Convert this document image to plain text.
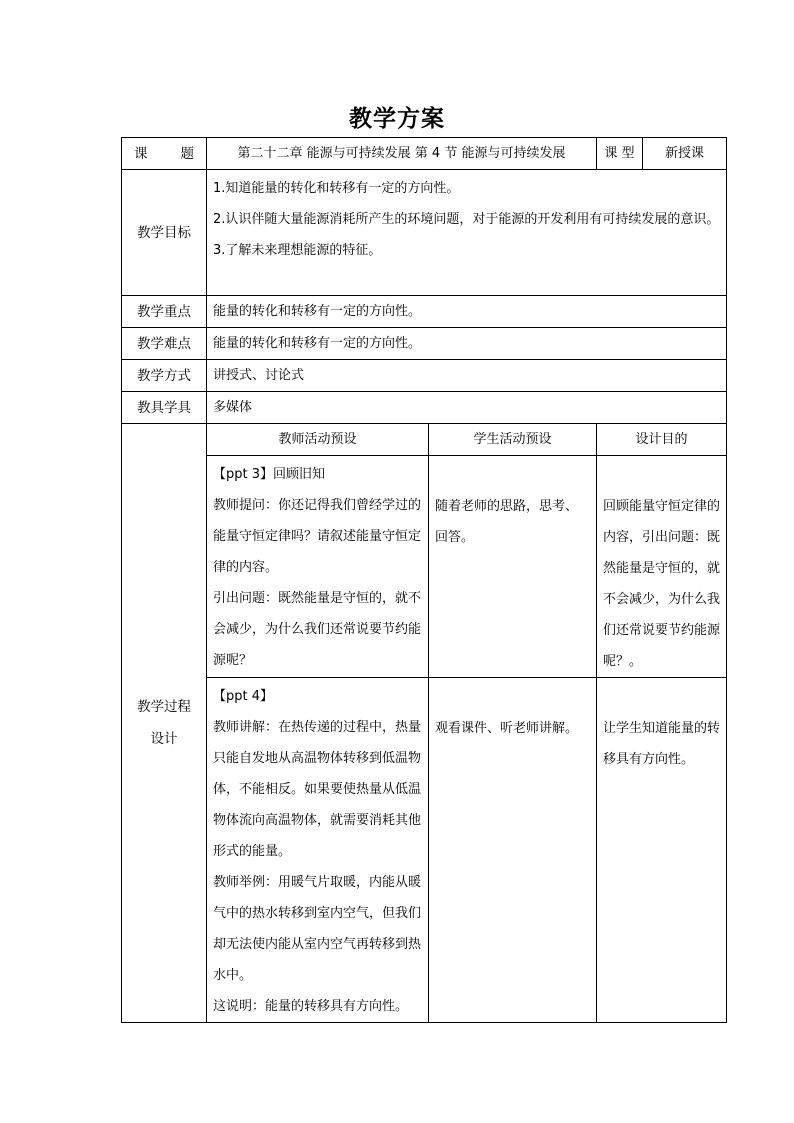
教学方案
课 题	第二十二章 能源与可持续发展 第 4 节 能源与可持续发展		课 型	新授课
教学目标	1.知道能量的转化和转移有一定的方向性。

2.认识伴随大量能源消耗所产生的环境问题，对于能源的开发利用有可持续发展的意识。

3.了解未来理想能源的特征。			

教学重点	能量的转化和转移有一定的方向性。			
教学难点	能量的转化和转移有一定的方向性。			
教学方式	讲授式、讨论式			
教具学具	多媒体			

教学过程
设计	教师活动预设	学生活动预设	设计目的	

	【ppt 3】回顾旧知

教师提问：你还记得我们曾经学过的能量守恒定律吗？请叙述能量守恒定律的内容。

引出问题：既然能量是守恒的，就不会减少，为什么我们还常说要节约能源呢？	随着老师的思路，思考、回答。	回顾能量守恒定律的内容，引出问题：既然能量是守恒的，就不会减少，为什么我们还常说要节约能源呢？。	

	【ppt 4】

教师讲解：在热传递的过程中，热量只能自发地从高温物体转移到低温物体，不能相反。如果要使热量从低温物体流向高温物体，就需要消耗其他形式的能量。

教师举例：用暖气片取暖，内能从暖气中的热水转移到室内空气，但我们却无法使内能从室内空气再转移到热水中。

这说明：能量的转移具有方向性。	观看课件、听老师讲解。	让学生知道能量的转移具有方向性。	
